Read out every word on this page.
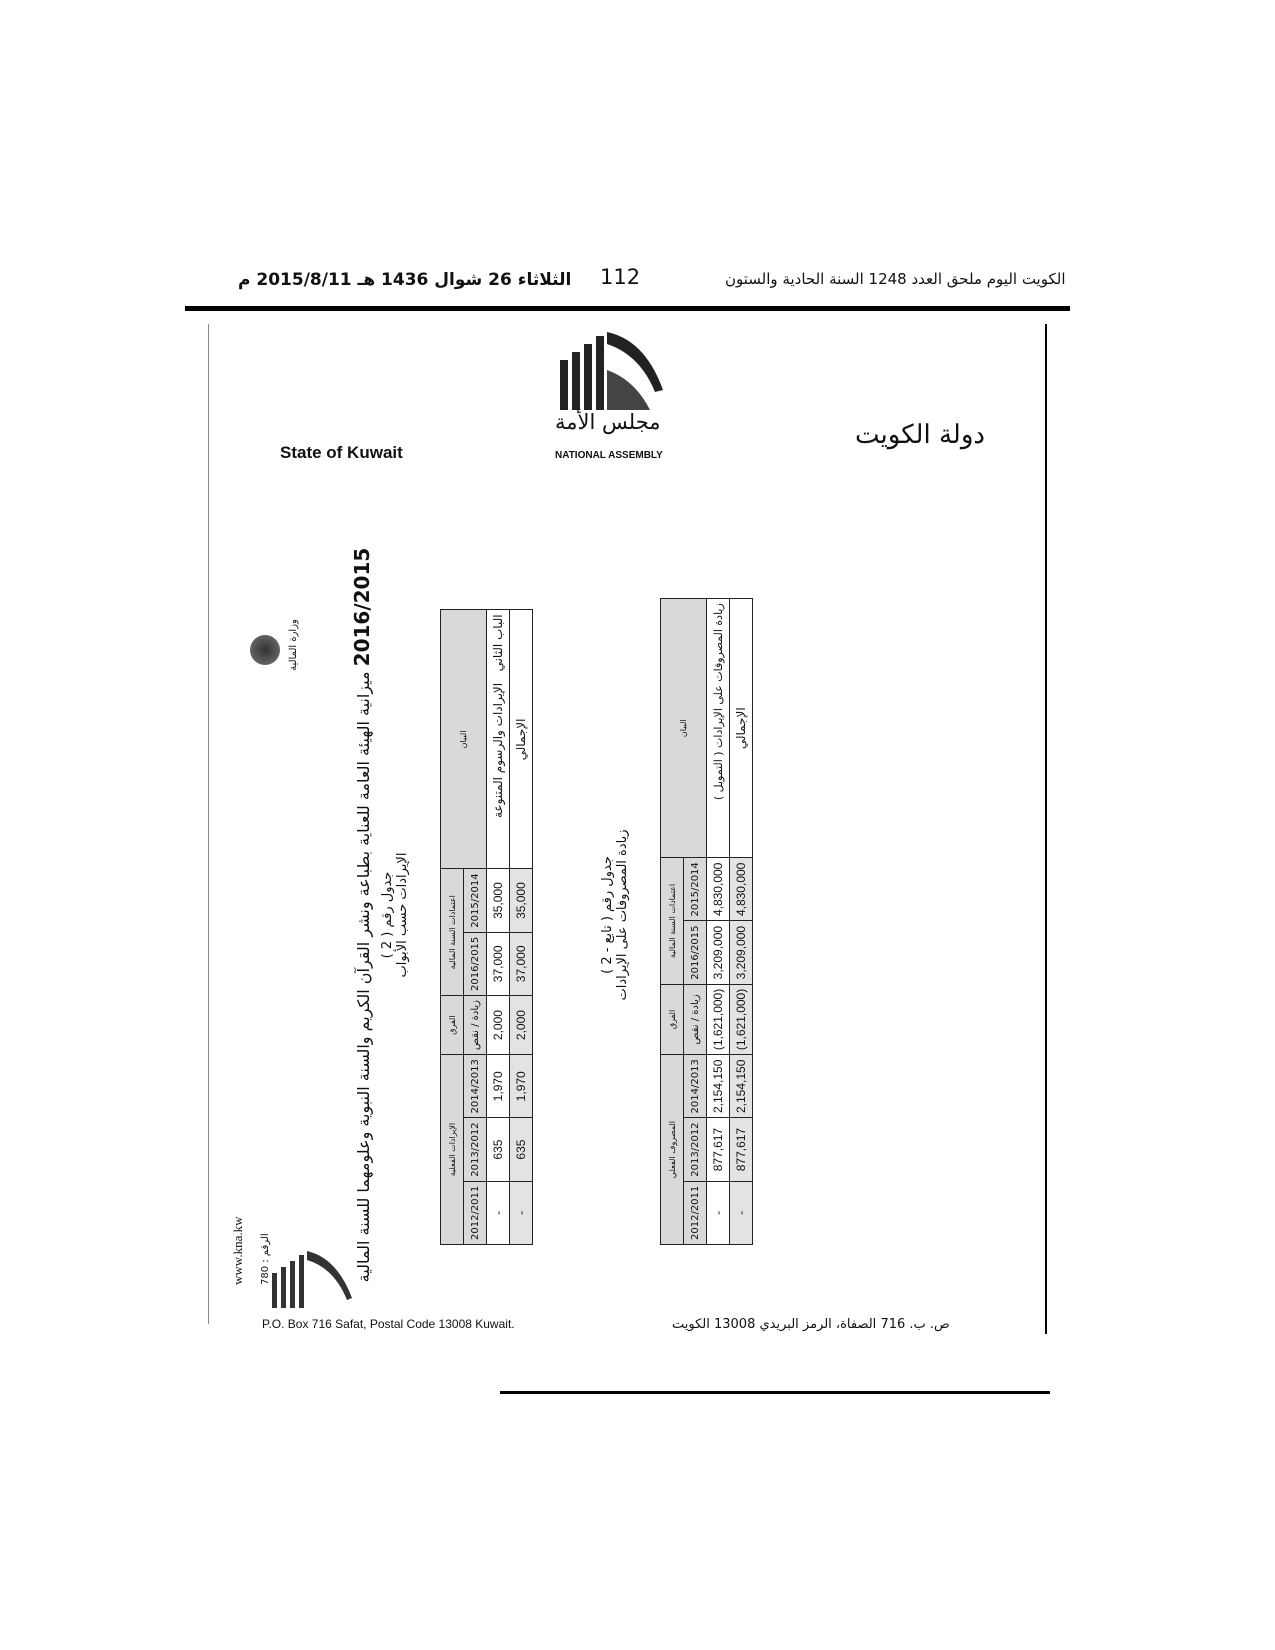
الثلاثاء 26 شوال 1436 هـ 2015/8/11 م 112	الكويت اليوم ملحق العدد 1248 السنة الحادية والستون
State of Kuwait
دولة الكويت
مجلس الأمة
NATIONAL ASSEMBLY
www.kna.kw الرقم : 780
وزارة المالية	2016/2015 ميزانية الهيئة العامة للعناية بطباعة ونشر القرآن الكريم والسنة النبوية وعلومهما للسنة المالية جدول رقم ( 2 ) الإيرادات حسب الأبواب
البيان	اعتمادات السنة المالية		الفرق	الإيرادات الفعلية		
	2015/2014	2016/2015	زيادة / نقص	2014/2013	2013/2012	2012/2011
الباب الثاني   الإيرادات والرسوم المتنوعة	35,000	37,000	2,000	1,970	635	-
الإجمالي	35,000	37,000	2,000	1,970	635	-
جدول رقم ( تابع - 2 ) زيادة المصروفات على الإيرادات
البيان	اعتمادات السنة المالية		الفرق	المصروف الفعلي		
	2015/2014	2016/2015	زيادة / نقص	2014/2013	2013/2012	2012/2011
زيادة المصروفات على الإيرادات ( التمويل )	4,830,000	3,209,000	(1,621,000)	2,154,150	877,617	-
الإجمالي	4,830,000	3,209,000	(1,621,000)	2,154,150	877,617	-
P.O. Box 716 Safat, Postal Code 13008 Kuwait.	ص. ب. 716 الصفاة، الرمز البريدي 13008 الكويت
